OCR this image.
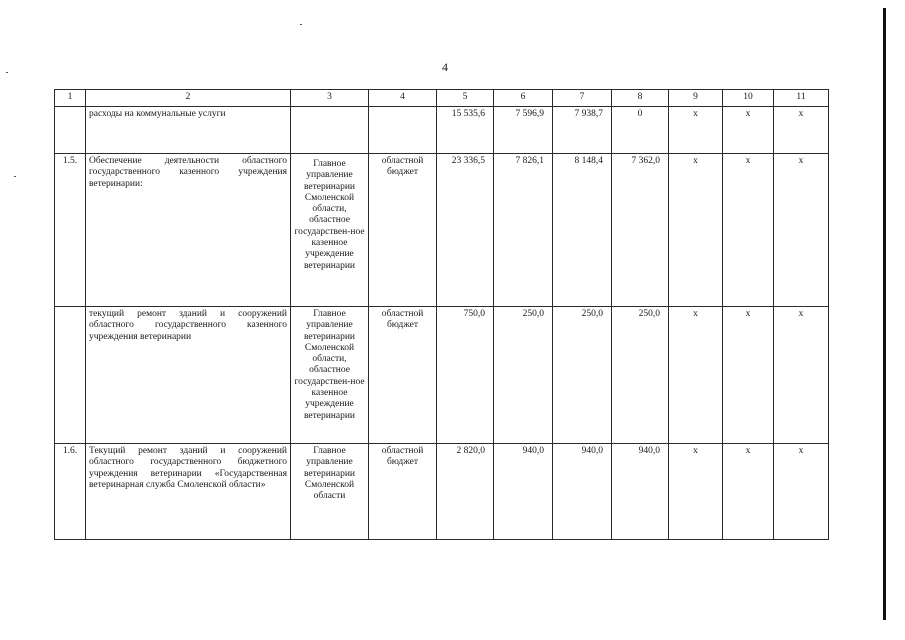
4
1	2	3	4	5	6	7	8	9	10	11
	расходы на коммунальные услуги			15 535,6	7 596,9	7 938,7	0	x	x	x
1.5.	Обеспечение деятельности областного государственного казенного учреждения ветеринарии:	Главное управление ветеринарии Смоленской области, областное государствен-ное казенное учреждение ветеринарии	областной бюджет	23 336,5	7 826,1	8 148,4	7 362,0	x	x	x
	текущий ремонт зданий и сооружений областного государственного казенного учреждения ветеринарии	Главное управление ветеринарии Смоленской области, областное государствен-ное казенное учреждение ветеринарии	областной бюджет	750,0	250,0	250,0	250,0	x	x	x
1.6.	Текущий ремонт зданий и сооружений областного государственного бюджетного учреждения ветеринарии «Государственная ветеринарная служба Смоленской области»	Главное управление ветеринарии Смоленской области	областной бюджет	2 820,0	940,0	940,0	940,0	x	x	x
